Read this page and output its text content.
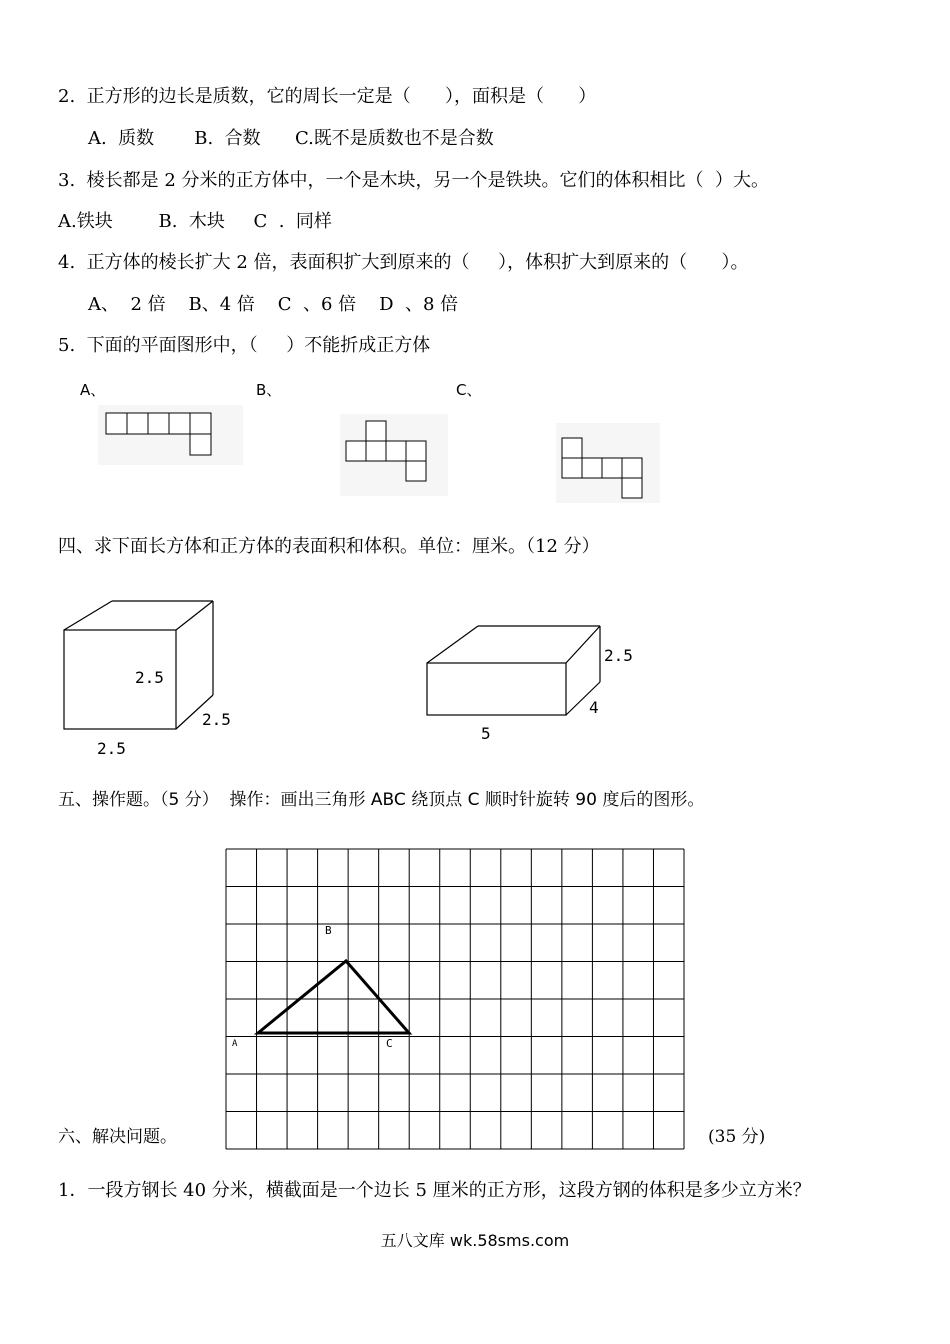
2.  正方形的边长是质数，它的周长一定是（      ），面积是（      ）
A.  质数       B.  合数      C.既不是质数也不是合数
3.  棱长都是 2 分米的正方体中，一个是木块，另一个是铁块。它们的体积相比（  ）大。
A.铁块        B.  木块     C  .  同样
4.  正方体的棱长扩大 2 倍，表面积扩大到原来的（     ），体积扩大到原来的（      ）。
A、  2 倍    B、4 倍    C  、6 倍    D  、8 倍
5.  下面的平面图形中，（     ）不能折成正方体
A、	B、	C、
四、求下面长方体和正方体的表面积和体积。单位：厘米。（12 分）
2.5
2.5
2.5
2.5
4
5
五、操作题。（5 分）  操作：画出三角形 ABC 绕顶点 C 顺时针旋转 90 度后的图形。
B
A	C
六、解决问题。	(35 分)
1．一段方钢长 40 分米，横截面是一个边长 5 厘米的正方形，这段方钢的体积是多少立方米？
五八文库 wk.58sms.com
